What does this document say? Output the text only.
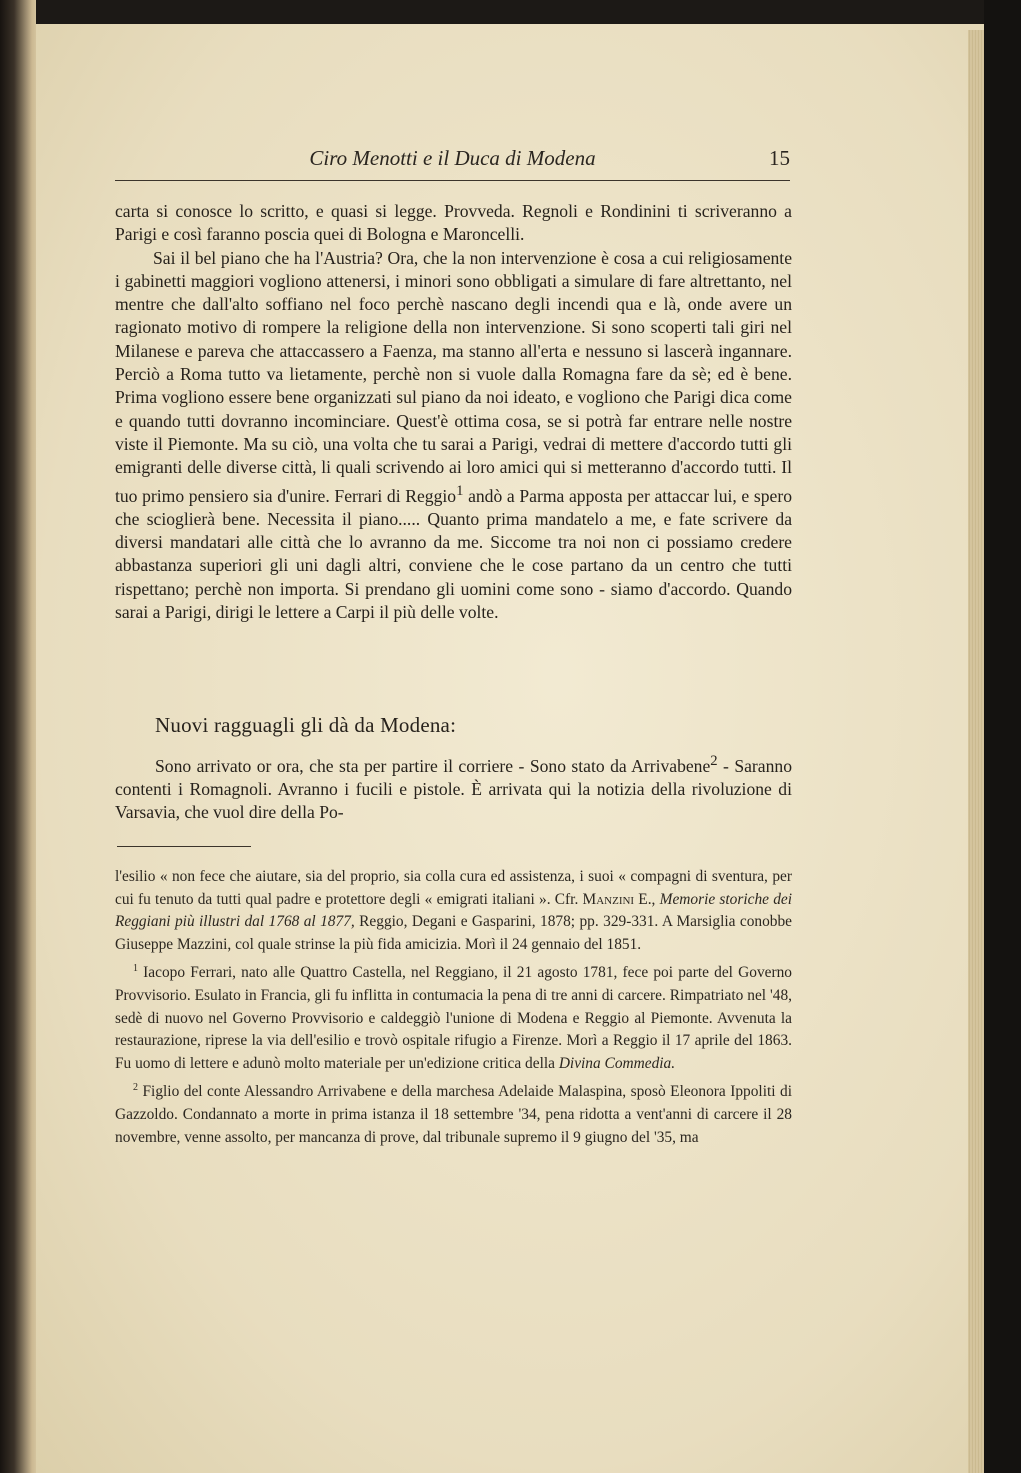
Ciro Menotti e il Duca di Modena	15

carta si conosce lo scritto, e quasi si legge. Provveda. Regnoli e Rondinini ti scriveranno a Parigi e così faranno poscia quei di Bologna e Maroncelli.

Sai il bel piano che ha l'Austria? Ora, che la non intervenzione è cosa a cui religiosamente i gabinetti maggiori vogliono attenersi, i minori sono obbligati a simulare di fare altrettanto, nel mentre che dall'alto soffiano nel foco perchè nascano degli incendi qua e là, onde avere un ragionato motivo di rompere la religione della non intervenzione. Si sono scoperti tali giri nel Milanese e pareva che attaccassero a Faenza, ma stanno all'erta e nessuno si lascerà ingannare. Perciò a Roma tutto va lietamente, perchè non si vuole dalla Romagna fare da sè; ed è bene. Prima vogliono essere bene organizzati sul piano da noi ideato, e vogliono che Parigi dica come e quando tutti dovranno incominciare. Quest'è ottima cosa, se si potrà far entrare nelle nostre viste il Piemonte. Ma su ciò, una volta che tu sarai a Parigi, vedrai di mettere d'accordo tutti gli emigranti delle diverse città, li quali scrivendo ai loro amici qui si metteranno d'accordo tutti. Il tuo primo pensiero sia d'unire. Ferrari di Reggio$^1$ andò a Parma apposta per attaccar lui, e spero che scioglierà bene. Necessita il piano..... Quanto prima mandatelo a me, e fate scrivere da diversi mandatari alle città che lo avranno da me. Siccome tra noi non ci possiamo credere abbastanza superiori gli uni dagli altri, conviene che le cose partano da un centro che tutti rispettano; perchè non importa. Si prendano gli uomini come sono - siamo d'accordo. Quando sarai a Parigi, dirigi le lettere a Carpi il più delle volte.

Nuovi ragguagli gli dà da Modena:

Sono arrivato or ora, che sta per partire il corriere - Sono stato da Arrivabene$^2$ - Saranno contenti i Romagnoli. Avranno i fucili e pistole. È arrivata qui la notizia della rivoluzione di Varsavia, che vuol dire della Po-

l'esilio « non fece che aiutare, sia del proprio, sia colla cura ed assistenza, i suoi « compagni di sventura, per cui fu tenuto da tutti qual padre e protettore degli « emigrati italiani ». Cfr. Manzini E., Memorie storiche dei Reggiani più illustri dal 1768 al 1877, Reggio, Degani e Gasparini, 1878; pp. 329-331. A Marsiglia conobbe Giuseppe Mazzini, col quale strinse la più fida amicizia. Morì il 24 gennaio del 1851.

$^1$ Iacopo Ferrari, nato alle Quattro Castella, nel Reggiano, il 21 agosto 1781, fece poi parte del Governo Provvisorio. Esulato in Francia, gli fu inflitta in contumacia la pena di tre anni di carcere. Rimpatriato nel '48, sedè di nuovo nel Governo Provvisorio e caldeggiò l'unione di Modena e Reggio al Piemonte. Avvenuta la restaurazione, riprese la via dell'esilio e trovò ospitale rifugio a Firenze. Morì a Reggio il 17 aprile del 1863. Fu uomo di lettere e adunò molto materiale per un'edizione critica della Divina Commedia.

$^2$ Figlio del conte Alessandro Arrivabene e della marchesa Adelaide Malaspina, sposò Eleonora Ippoliti di Gazzoldo. Condannato a morte in prima istanza il 18 settembre '34, pena ridotta a vent'anni di carcere il 28 novembre, venne assolto, per mancanza di prove, dal tribunale supremo il 9 giugno del '35, ma
